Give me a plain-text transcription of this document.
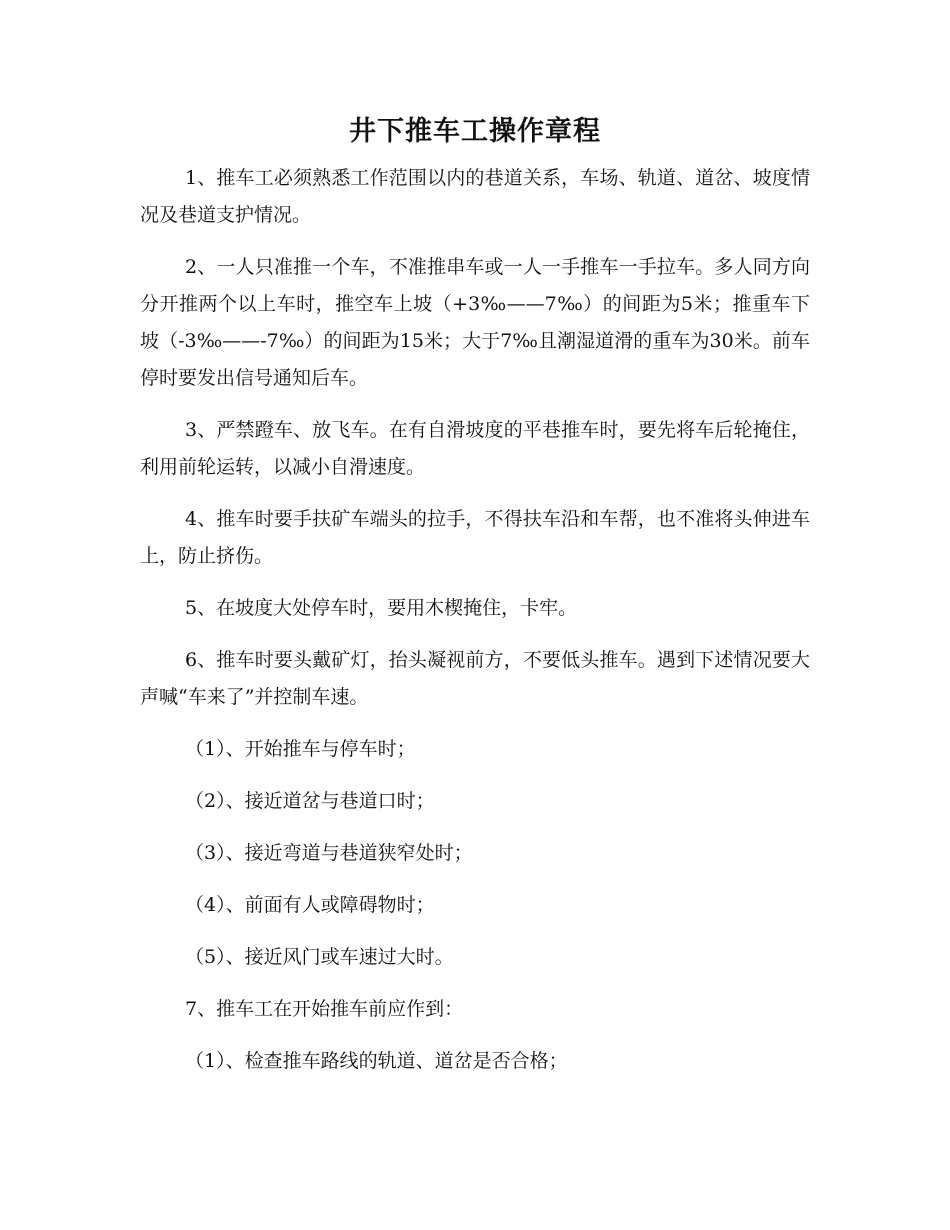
井下推车工操作章程

1、推车工必须熟悉工作范围以内的巷道关系，车场、轨道、道岔、坡度情况及巷道支护情况。

2、一人只准推一个车，不准推串车或一人一手推车一手拉车。多人同方向分开推两个以上车时，推空车上坡（+3‰——7‰）的间距为5米；推重车下坡（-3‰——-7‰）的间距为15米；大于7‰且潮湿道滑的重车为30米。前车停时要发出信号通知后车。

3、严禁蹬车、放飞车。在有自滑坡度的平巷推车时，要先将车后轮掩住，利用前轮运转，以减小自滑速度。

4、推车时要手扶矿车端头的拉手，不得扶车沿和车帮，也不准将头伸进车上，防止挤伤。

5、在坡度大处停车时，要用木楔掩住，卡牢。

6、推车时要头戴矿灯，抬头凝视前方，不要低头推车。遇到下述情况要大声喊“车来了”并控制车速。

（1）、开始推车与停车时；

（2）、接近道岔与巷道口时；

（3）、接近弯道与巷道狭窄处时；

（4）、前面有人或障碍物时；

（5）、接近风门或车速过大时。

7、推车工在开始推车前应作到：

（1）、检查推车路线的轨道、道岔是否合格；
